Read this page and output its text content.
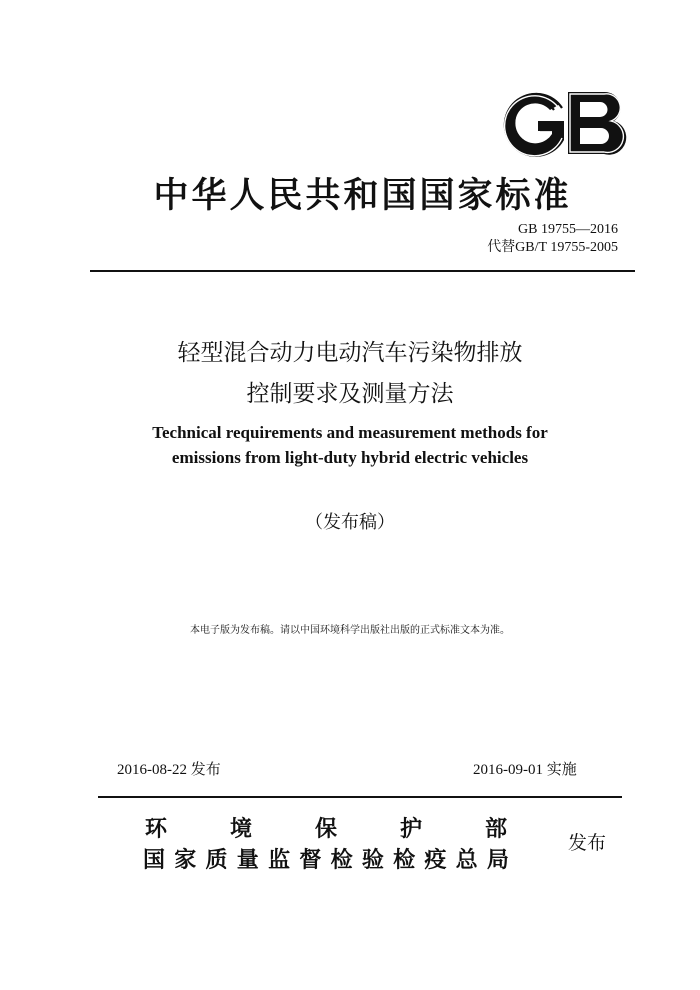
GB
中华人民共和国国家标准
GB 19755—2016
代替GB/T 19755-2005
轻型混合动力电动汽车污染物排放
控制要求及测量方法
Technical requirements and measurement methods for
emissions from light-duty hybrid electric vehicles
（发布稿）
本电子版为发布稿。请以中国环境科学出版社出版的正式标准文本为准。
2016-08-22 发布	2016-09-01 实施
环	境	保	护	部
国 家 质 量 监 督 检 验 检 疫 总 局
发布
